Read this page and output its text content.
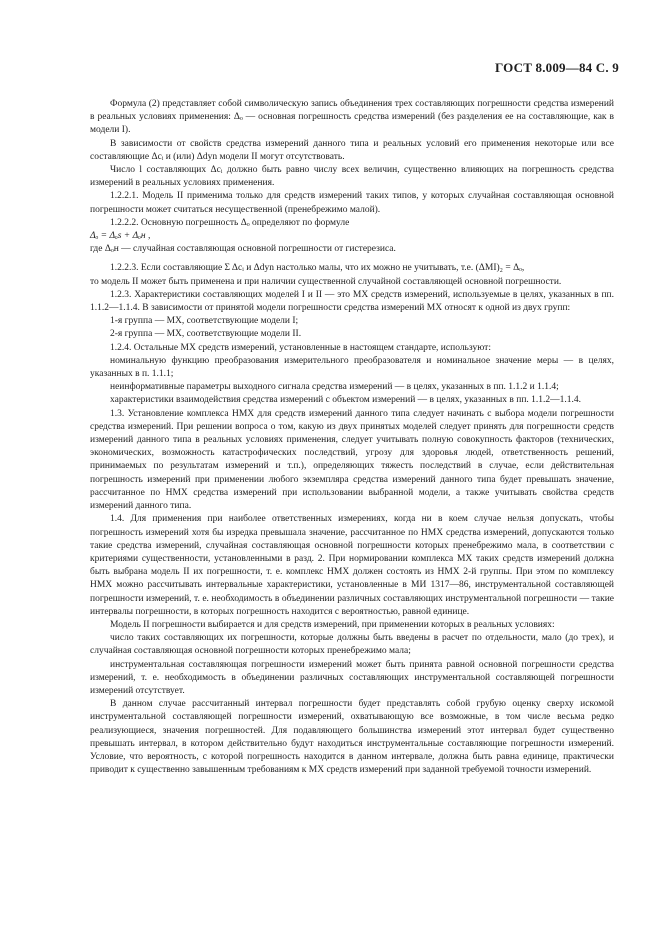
ГОСТ 8.009—84 С. 9

Формула (2) представляет собой символическую запись объединения трех составляющих погрешности средства измерений в реальных условиях применения: Δₒ — основная погрешность средства измерений (без разделения ее на составляющие, как в модели I).

В зависимости от свойств средства измерений данного типа и реальных условий его применения некоторые или все составляющие Δcᵢ и (или) Δdyn модели II могут отсутствовать.

Число l составляющих Δcᵢ должно быть равно числу всех величин, существенно влияющих на погрешность средства измерений в реальных условиях применения.

1.2.2.1. Модель II применима только для средств измерений таких типов, у которых случайная составляющая основной погрешности может считаться несущественной (пренебрежимо малой).

1.2.2.2. Основную погрешность Δₒ определяют по формуле

Δₒ = Δₒs + Δₒн ,

где Δₒн — случайная составляющая основной погрешности от гистерезиса.

1.2.2.3. Если составляющие Σ Δcᵢ и Δdyn настолько малы, что их можно не учитывать, т.е. (ΔMI)₂ = Δₒ,

то модель II может быть применена и при наличии существенной случайной составляющей основной погрешности.

1.2.3. Характеристики составляющих моделей I и II — это МХ средств измерений, используемые в целях, указанных в пп. 1.1.2—1.1.4. В зависимости от принятой модели погрешности средства измерений МХ относят к одной из двух групп:

1-я группа — МХ, соответствующие модели I;

2-я группа — МХ, соответствующие модели II.

1.2.4. Остальные МХ средств измерений, установленные в настоящем стандарте, используют:

номинальную функцию преобразования измерительного преобразователя и номинальное значение меры — в целях, указанных в п. 1.1.1;

неинформативные параметры выходного сигнала средства измерений — в целях, указанных в пп. 1.1.2 и 1.1.4;

характеристики взаимодействия средства измерений с объектом измерений — в целях, указанных в пп. 1.1.2—1.1.4.

1.3. Установление комплекса НМХ для средств измерений данного типа следует начинать с выбора модели погрешности средства измерений. При решении вопроса о том, какую из двух принятых моделей следует принять для погрешности средств измерений данного типа в реальных условиях применения, следует учитывать полную совокупность факторов (технических, экономических, возможность катастрофических последствий, угрозу для здоровья людей, ответственность решений, принимаемых по результатам измерений и т.п.), определяющих тяжесть последствий в случае, если действительная погрешность измерений при применении любого экземпляра средства измерений данного типа будет превышать значение, рассчитанное по НМХ средства измерений при использовании выбранной модели, а также учитывать свойства средств измерений данного типа.

1.4. Для применения при наиболее ответственных измерениях, когда ни в коем случае нельзя допускать, чтобы погрешность измерений хотя бы изредка превышала значение, рассчитанное по НМХ средства измерений, допускаются только такие средства измерений, случайная составляющая основной погрешности которых пренебрежимо мала, в соответствии с критериями существенности, установленными в разд. 2. При нормировании комплекса МХ таких средств измерений должна быть выбрана модель II их погрешности, т. е. комплекс НМХ должен состоять из НМХ 2-й группы. При этом по комплексу НМХ можно рассчитывать интервальные характеристики, установленные в МИ 1317—86, инструментальной составляющей погрешности измерений, т. е. необходимость в объединении различных составляющих инструментальной погрешности — такие интервалы погрешности, в которых погрешность находится с вероятностью, равной единице.

Модель II погрешности выбирается и для средств измерений, при применении которых в реальных условиях:

число таких составляющих их погрешности, которые должны быть введены в расчет по отдельности, мало (до трех), и случайная составляющая основной погрешности которых пренебрежимо мала;

инструментальная составляющая погрешности измерений может быть принята равной основной погрешности средства измерений, т. е. необходимость в объединении различных составляющих инструментальной составляющей погрешности измерений отсутствует.

В данном случае рассчитанный интервал погрешности будет представлять собой грубую оценку сверху искомой инструментальной составляющей погрешности измерений, охватывающую все возможные, в том числе весьма редко реализующиеся, значения погрешностей. Для подавляющего большинства измерений этот интервал будет существенно превышать интервал, в котором действительно будут находиться инструментальные составляющие погрешности измерений. Условие, что вероятность, с которой погрешность находится в данном интервале, должна быть равна единице, практически приводит к существенно завышенным требованиям к МХ средств измерений при заданной требуемой точности измерений.
